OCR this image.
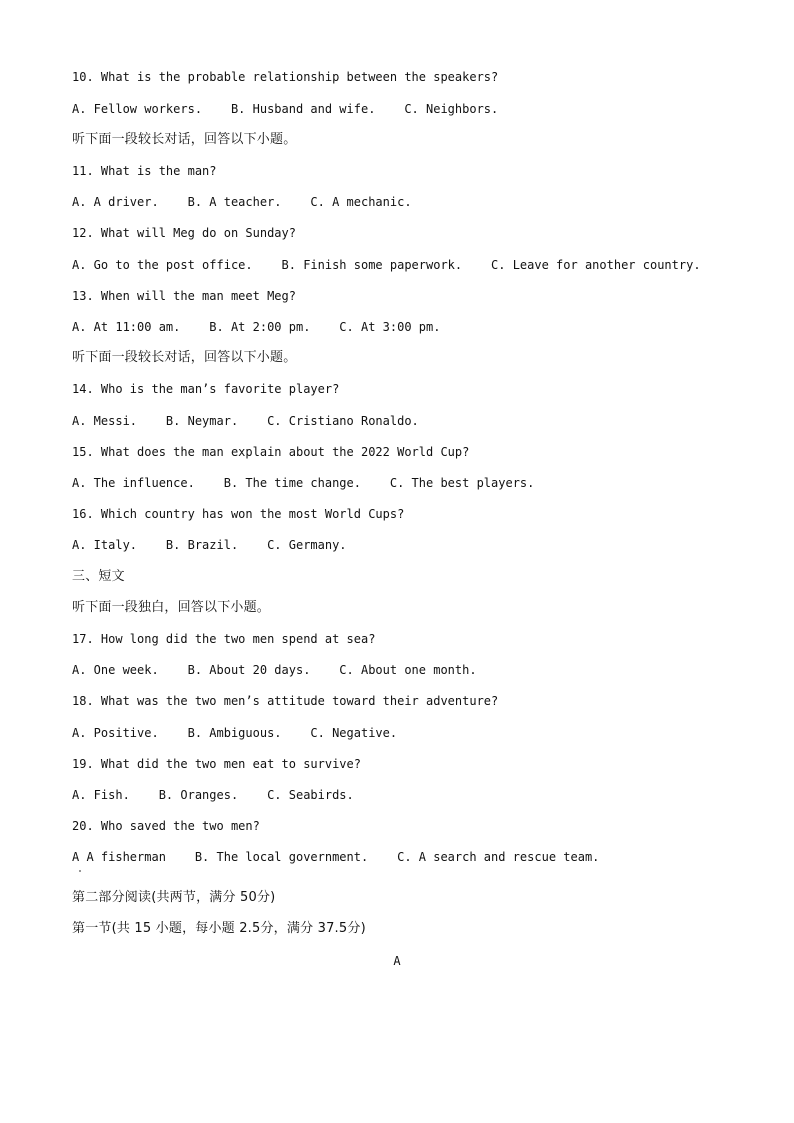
10. What is the probable relationship between the speakers?
A. Fellow workers.    B. Husband and wife.    C. Neighbors.
听下面一段较长对话，回答以下小题。
11. What is the man?
A. A driver.    B. A teacher.    C. A mechanic.
12. What will Meg do on Sunday?
A. Go to the post office.    B. Finish some paperwork.    C. Leave for another country.
13. When will the man meet Meg?
A. At 11:00 am.    B. At 2:00 pm.    C. At 3:00 pm.
听下面一段较长对话，回答以下小题。
14. Who is the man’s favorite player?
A. Messi.    B. Neymar.    C. Cristiano Ronaldo.
15. What does the man explain about the 2022 World Cup?
A. The influence.    B. The time change.    C. The best players.
16. Which country has won the most World Cups?
A. Italy.    B. Brazil.    C. Germany.
三、短文
听下面一段独白，回答以下小题。
17. How long did the two men spend at sea?
A. One week.    B. About 20 days.    C. About one month.
18. What was the two men’s attitude toward their adventure?
A. Positive.    B. Ambiguous.    C. Negative.
19. What did the two men eat to survive?
A. Fish.    B. Oranges.    C. Seabirds.
20. Who saved the two men?
A A fisherman    B. The local government.    C. A search and rescue team.
第二部分阅读(共两节，满分 50分)
第一节(共 15 小题，每小题 2.5分，满分 37.5分)
A
